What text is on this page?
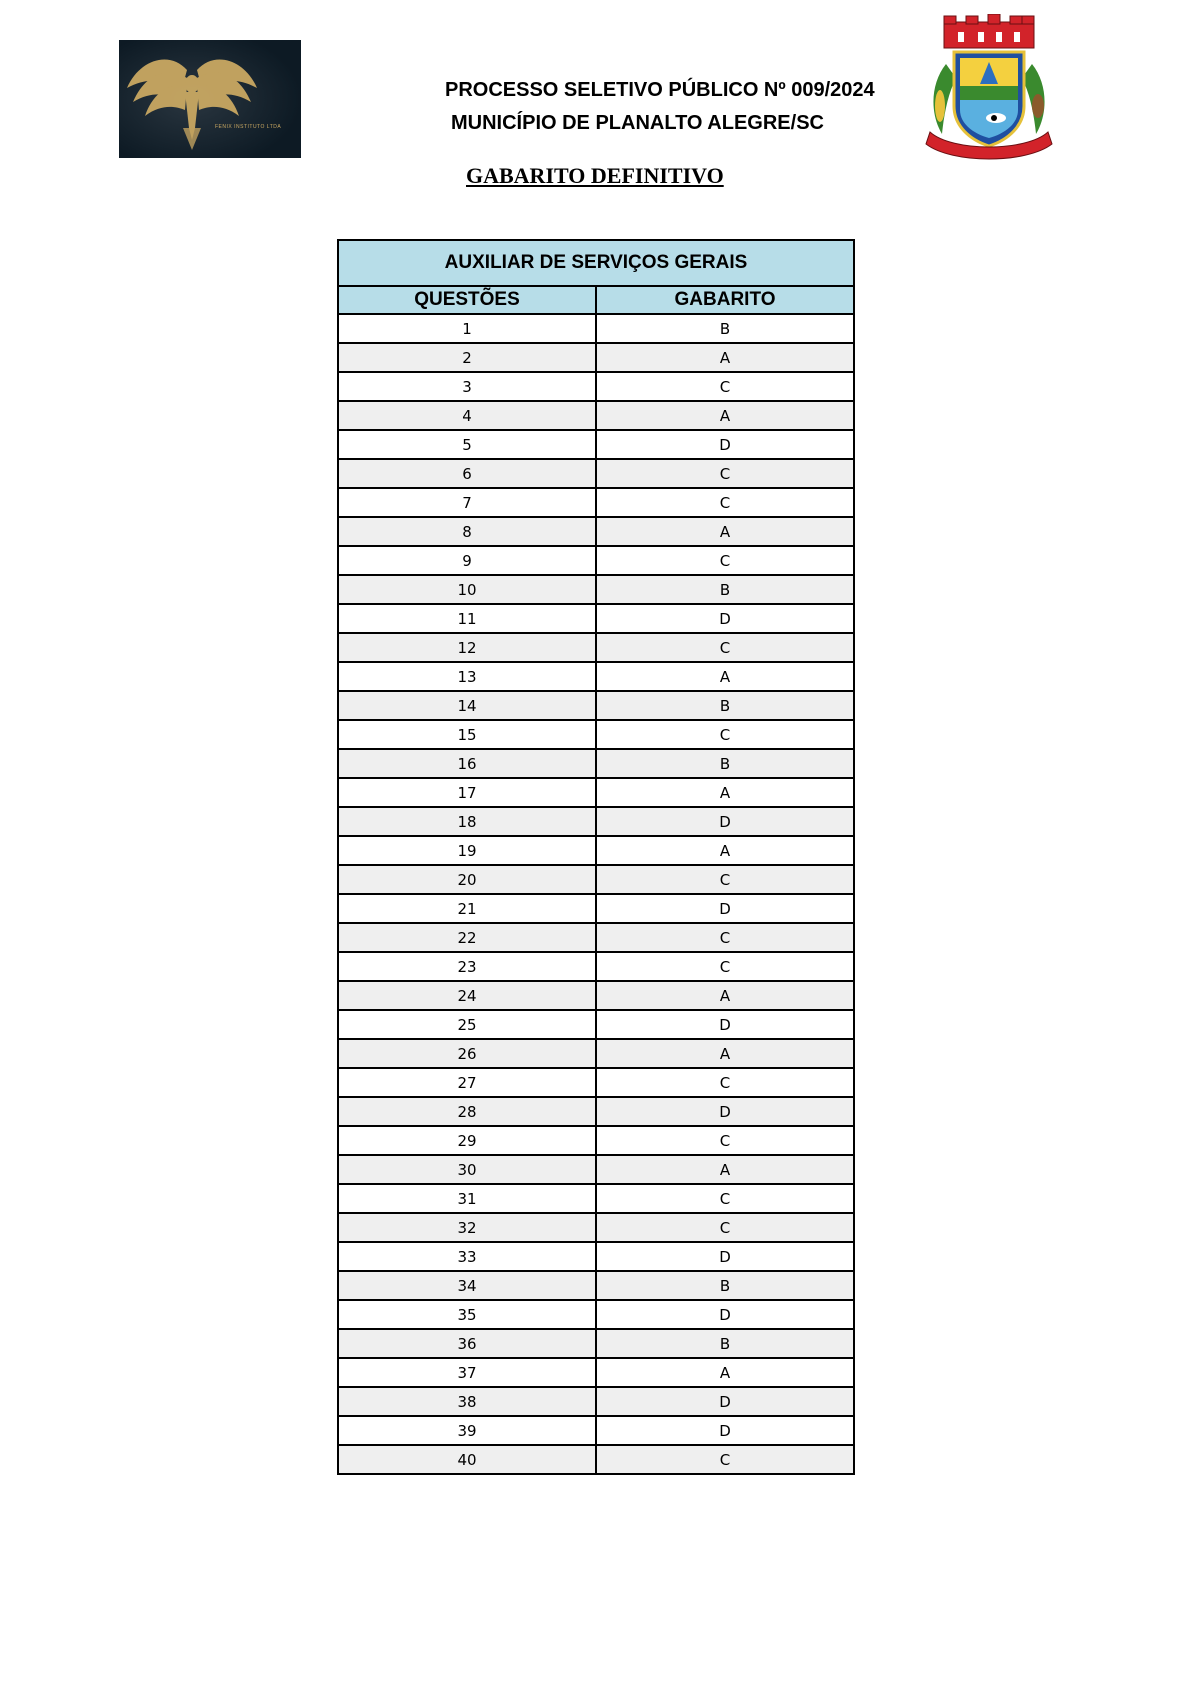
FENIX INSTITUTO LTDA
PROCESSO SELETIVO PÚBLICO Nº 009/2024
MUNICÍPIO DE PLANALTO ALEGRE/SC
GABARITO DEFINITIVO
AUXILIAR DE SERVIÇOS GERAIS	
QUESTÕES	GABARITO
1	B
2	A
3	C
4	A
5	D
6	C
7	C
8	A
9	C
10	B
11	D
12	C
13	A
14	B
15	C
16	B
17	A
18	D
19	A
20	C
21	D
22	C
23	C
24	A
25	D
26	A
27	C
28	D
29	C
30	A
31	C
32	C
33	D
34	B
35	D
36	B
37	A
38	D
39	D
40	C
